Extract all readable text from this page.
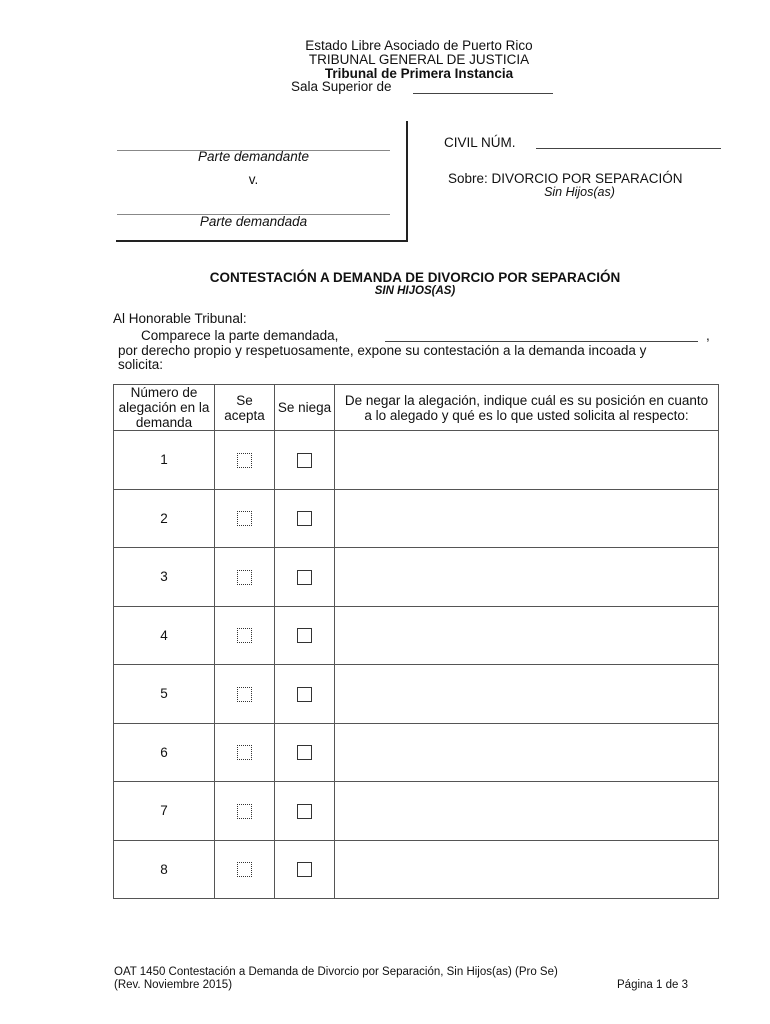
Estado Libre Asociado de Puerto Rico
TRIBUNAL GENERAL DE JUSTICIA
Tribunal de Primera Instancia
Sala Superior de
Parte demandante
v.
Parte demandada
CIVIL NÚM.
Sobre: DIVORCIO POR SEPARACIÓN
Sin Hijos(as)
CONTESTACIÓN A DEMANDA DE DIVORCIO POR SEPARACIÓN
SIN HIJOS(AS)
Al Honorable Tribunal:
Comparece la parte demandada,	,
por derecho propio y respetuosamente, expone su contestación a la demanda incoada y
solicita:
Número de alegación en la demanda	Se acepta	Se niega	De negar la alegación, indique cuál es su posición en cuanto a lo alegado y qué es lo que usted solicita al respecto:
1			
2			
3			
4			
5			
6			
7			
8			
OAT 1450 Contestación a Demanda de Divorcio por Separación, Sin Hijos(as) (Pro Se)
(Rev. Noviembre 2015)	Página 1 de 3
